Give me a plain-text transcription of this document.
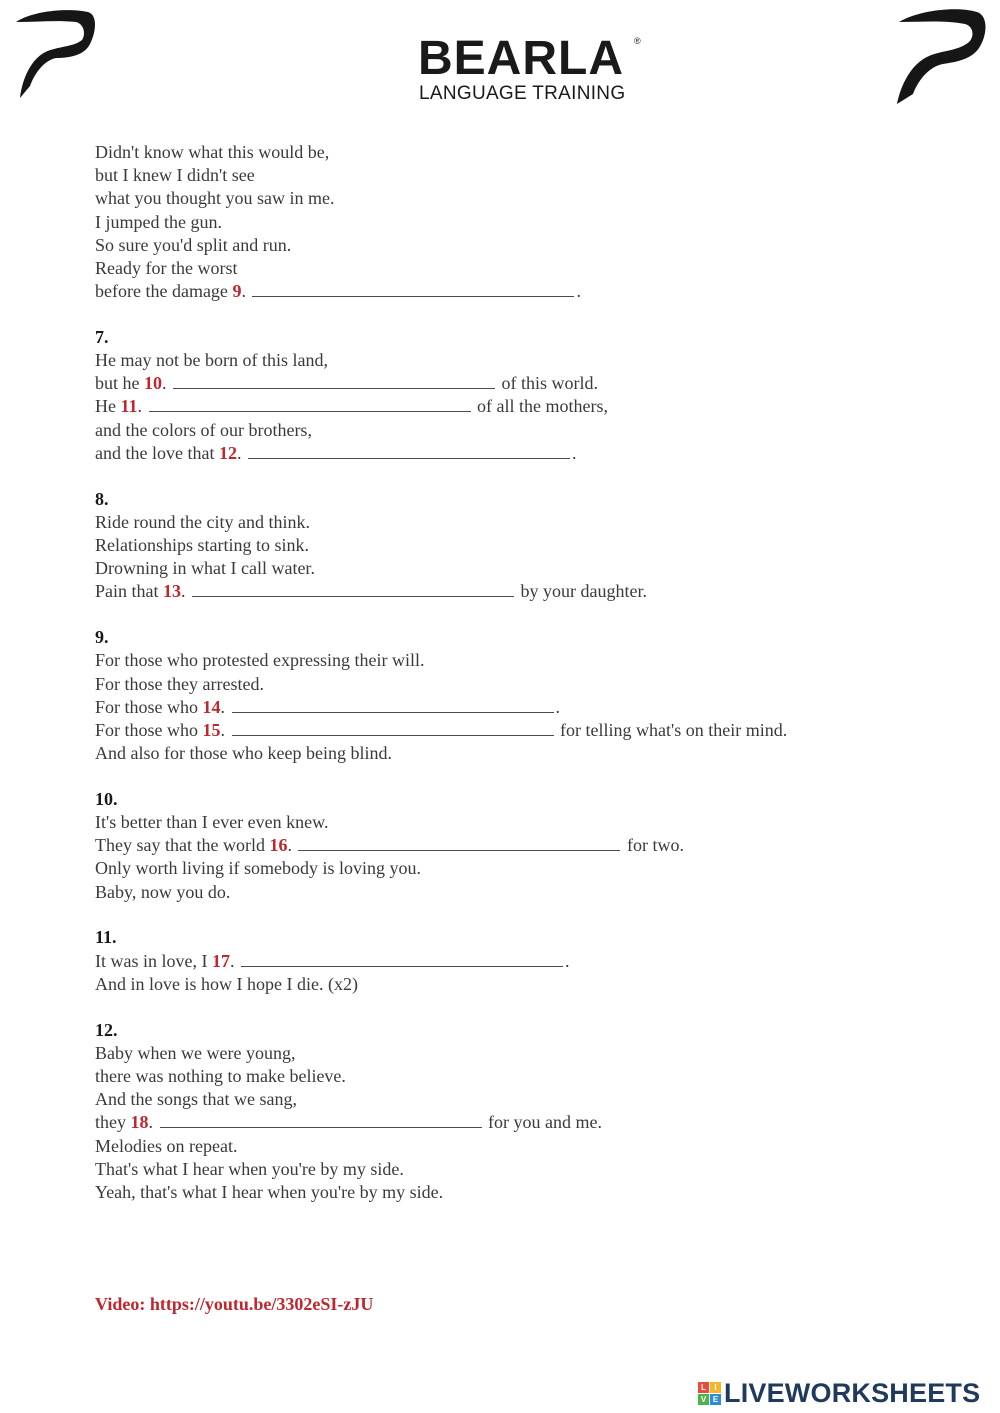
BEARLA ®
LANGUAGE TRAINING
Didn't know what this would be,
but I knew I didn't see
what you thought you saw in me.
I jumped the gun.
So sure you'd split and run.
Ready for the worst
before the damage 9.	.
7.
He may not be born of this land,
but he 10.	of this world.
He 11.	of all the mothers,
and the colors of our brothers,
and the love that 12.	.
8.
Ride round the city and think.
Relationships starting to sink.
Drowning in what I call water.
Pain that 13.	by your daughter.
9.
For those who protested expressing their will.
For those they arrested.
For those who 14.	.
For those who 15.	for telling what's on their mind.
And also for those who keep being blind.
10.
It's better than I ever even knew.
They say that the world 16.	for two.
Only worth living if somebody is loving you.
Baby, now you do.
11.
It was in love, I 17.	.
And in love is how I hope I die. (x2)
12.
Baby when we were young,
there was nothing to make believe.
And the songs that we sang,
they 18.	for you and me.
Melodies on repeat.
That's what I hear when you're by my side.
Yeah, that's what I hear when you're by my side.
Video: https://youtu.be/3302eSI-zJU
L	I
V E LIVEWORKSHEETS
